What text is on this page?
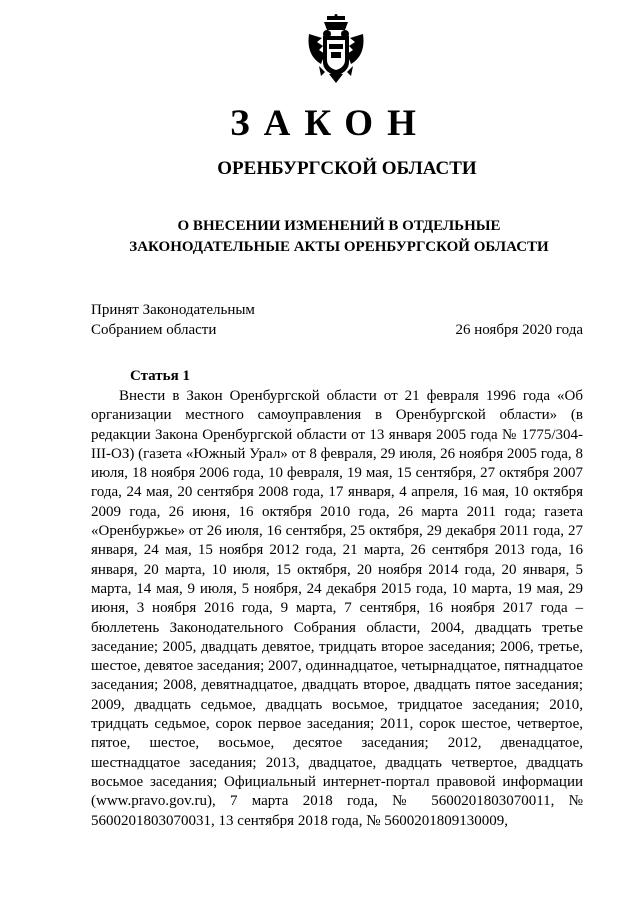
ЗАКОН
ОРЕНБУРГСКОЙ ОБЛАСТИ
О ВНЕСЕНИИ ИЗМЕНЕНИЙ В ОТДЕЛЬНЫЕ ЗАКОНОДАТЕЛЬНЫЕ АКТЫ ОРЕНБУРГСКОЙ ОБЛАСТИ
Принят Законодательным
Собранием области	26 ноября 2020 года
Статья 1

Внести в Закон Оренбургской области от 21 февраля 1996 года «Об организации местного самоуправления в Оренбургской области» (в редакции Закона Оренбургской области от 13 января 2005 года № 1775/304-III-ОЗ) (газета «Южный Урал» от 8 февраля, 29 июля, 26 ноября 2005 года, 8 июля, 18 ноября 2006 года, 10 февраля, 19 мая, 15 сентября, 27 октября 2007 года, 24 мая, 20 сентября 2008 года, 17 января, 4 апреля, 16 мая, 10 октября 2009 года, 26 июня, 16 октября 2010 года, 26 марта 2011 года; газета «Оренбуржье» от 26 июля, 16 сентября, 25 октября, 29 декабря 2011 года, 27 января, 24 мая, 15 ноября 2012 года, 21 марта, 26 сентября 2013 года, 16 января, 20 марта, 10 июля, 15 октября, 20 ноября 2014 года, 20 января, 5 марта, 14 мая, 9 июля, 5 ноября, 24 декабря 2015 года, 10 марта, 19 мая, 29 июня, 3 ноября 2016 года, 9 марта, 7 сентября, 16 ноября 2017 года – бюллетень Законодательного Собрания области, 2004, двадцать третье заседание; 2005, двадцать девятое, тридцать второе заседания; 2006, третье, шестое, девятое заседания; 2007, одиннадцатое, четырнадцатое, пятнадцатое заседания; 2008, девятнадцатое, двадцать второе, двадцать пятое заседания; 2009, двадцать седьмое, двадцать восьмое, тридцатое заседания; 2010, тридцать седьмое, сорок первое заседания; 2011, сорок шестое, четвертое, пятое, шестое, восьмое, десятое заседания; 2012, двенадцатое, шестнадцатое заседания; 2013, двадцатое, двадцать четвертое, двадцать восьмое заседания; Официальный интернет-портал правовой информации (www.pravo.gov.ru), 7 марта 2018 года, № 5600201803070011, № 5600201803070031, 13 сентября 2018 года, № 5600201809130009,
